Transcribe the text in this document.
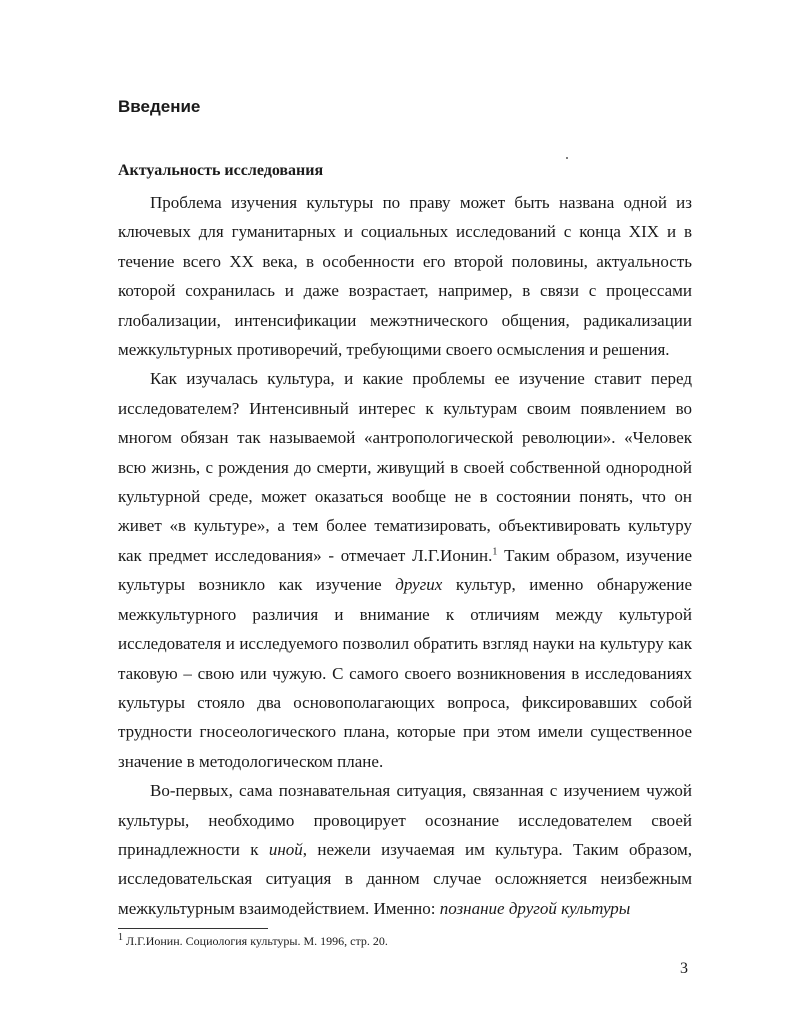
Введение
Актуальность исследования

Проблема изучения культуры по праву может быть названа одной из ключевых для гуманитарных и социальных исследований с конца XIX и в течение всего XX века, в особенности его второй половины, актуальность которой сохранилась и даже возрастает, например, в связи с процессами глобализации, интенсификации межэтнического общения, радикализации межкультурных противоречий, требующими своего осмысления и решения.

Как изучалась культура, и какие проблемы ее изучение ставит перед исследователем? Интенсивный интерес к культурам своим появлением во многом обязан так называемой «антропологической революции». «Человек всю жизнь, с рождения до смерти, живущий в своей собственной однородной культурной среде, может оказаться вообще не в состоянии понять, что он живет «в культуре», а тем более тематизировать, объективировать культуру как предмет исследования» - отмечает Л.Г.Ионин.$^1$ Таким образом, изучение культуры возникло как изучение других культур, именно обнаружение межкультурного различия и внимание к отличиям между культурой исследователя и исследуемого позволил обратить взгляд науки на культуру как таковую – свою или чужую. С самого своего возникновения в исследованиях культуры стояло два основополагающих вопроса, фиксировавших собой трудности гносеологического плана, которые при этом имели существенное значение в методологическом плане.

Во-первых, сама познавательная ситуация, связанная с изучением чужой культуры, необходимо провоцирует осознание исследователем своей принадлежности к иной, нежели изучаемая им культура. Таким образом, исследовательская ситуация в данном случае осложняется неизбежным межкультурным взаимодействием. Именно: познание другой культуры

$^1$ Л.Г.Ионин. Социология культуры. М. 1996, стр. 20.
3
